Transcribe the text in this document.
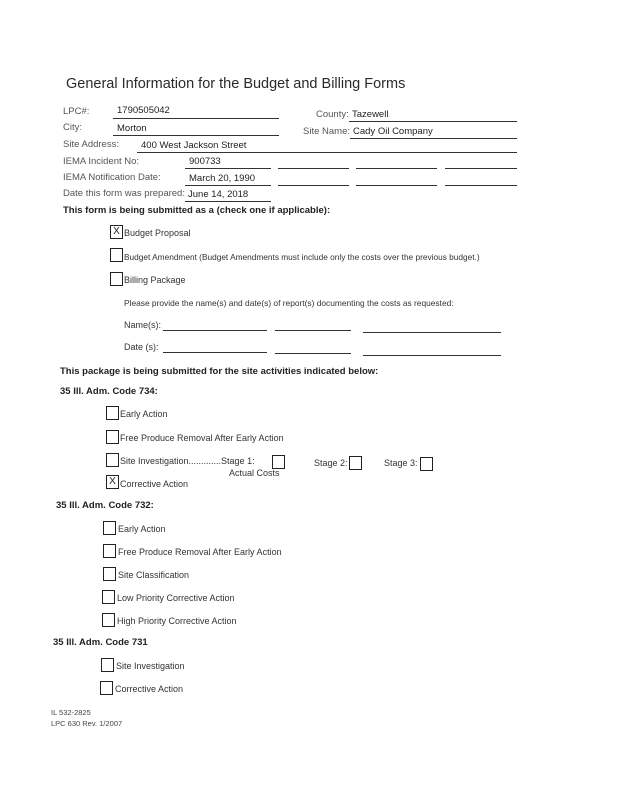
General Information for the Budget and Billing Forms
LPC#:	1790505042	County: Tazewell
City:	Morton	Site Name: Cady Oil Company
Site Address: 400 West Jackson Street
IEMA Incident No:	900733
IEMA Notification Date:	March 20, 1990
Date this form was prepared: June 14, 2018
This form is being submitted as a (check one if applicable):
X Budget Proposal
Budget Amendment (Budget Amendments must include only the costs over the previous budget.)
Billing Package
Please provide the name(s) and date(s) of report(s) documenting the costs as requested:
Name(s):
Date (s):
This package is being submitted for the site activities indicated below:
35 Ill. Adm. Code 734:
Early Action
Free Produce Removal After Early Action
Site Investigation.............Stage 1:
Actual Costs
Stage 2:	Stage 3:
X Corrective Action
35 Ill. Adm. Code 732:
Early Action
Free Produce Removal After Early Action
Site Classification
Low Priority Corrective Action
High Priority Corrective Action
35 Ill. Adm. Code 731
Site Investigation
Corrective Action
IL 532-2825
LPC 630 Rev. 1/2007
